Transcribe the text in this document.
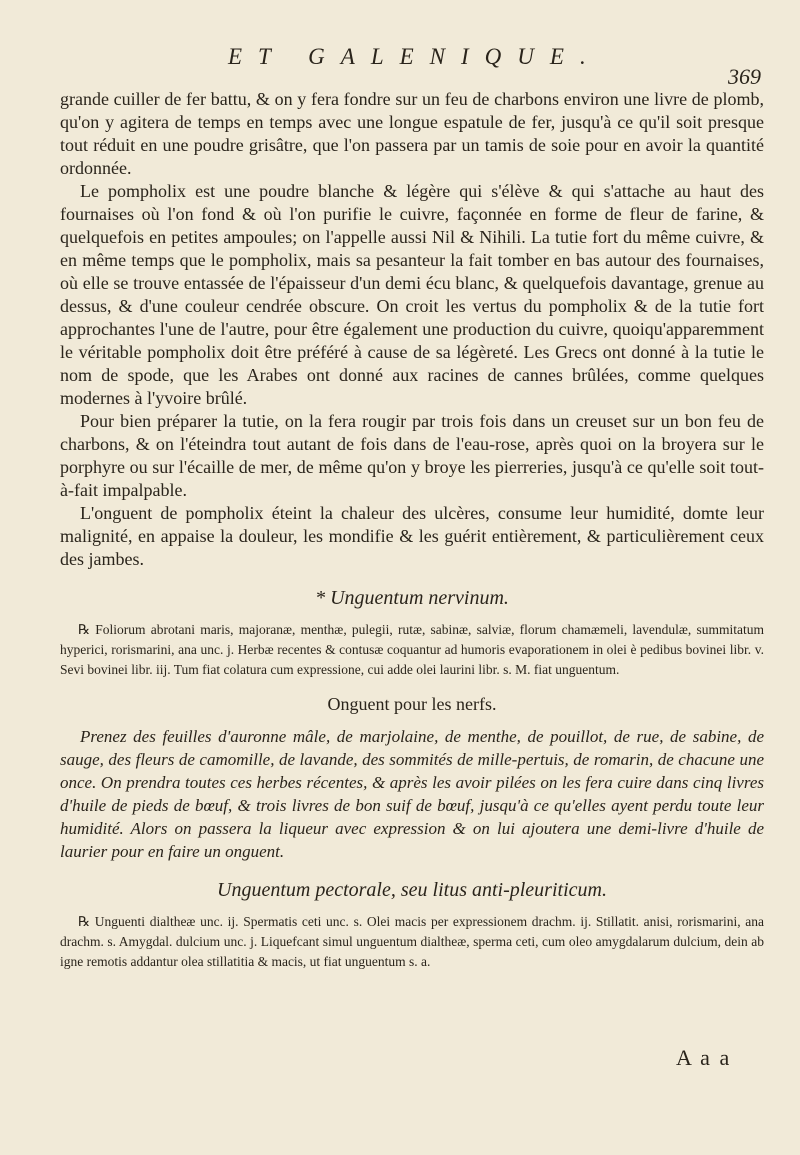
ET GALENIQUE.
369

grande cuiller de fer battu, & on y fera fondre sur un feu de charbons environ une livre de plomb, qu'on y agitera de temps en temps avec une longue espatule de fer, jusqu'à ce qu'il soit presque tout réduit en une poudre grisâtre, que l'on passera par un tamis de soie pour en avoir la quantité ordonnée.

Le pompholix est une poudre blanche & légère qui s'élève & qui s'attache au haut des fournaises où l'on fond & où l'on purifie le cuivre, façonnée en forme de fleur de farine, & quelquefois en petites ampoules; on l'appelle aussi Nil & Nihili. La tutie fort du même cuivre, & en même temps que le pompholix, mais sa pesanteur la fait tomber en bas autour des fournaises, où elle se trouve entassée de l'épaisseur d'un demi écu blanc, & quelquefois davantage, grenue au dessus, & d'une couleur cendrée obscure. On croit les vertus du pompholix & de la tutie fort approchantes l'une de l'autre, pour être également une production du cuivre, quoiqu'apparemment le véritable pompholix doit être préféré à cause de sa légèreté. Les Grecs ont donné à la tutie le nom de spode, que les Arabes ont donné aux racines de cannes brûlées, comme quelques modernes à l'yvoire brûlé.

Pour bien préparer la tutie, on la fera rougir par trois fois dans un creuset sur un bon feu de charbons, & on l'éteindra tout autant de fois dans de l'eau-rose, après quoi on la broyera sur le porphyre ou sur l'écaille de mer, de même qu'on y broye les pierreries, jusqu'à ce qu'elle soit tout-à-fait impalpable.

L'onguent de pompholix éteint la chaleur des ulcères, consume leur humidité, domte leur malignité, en appaise la douleur, les mondifie & les guérit entièrement, & particulièrement ceux des jambes.

* Unguentum nervinum.

℞ Foliorum abrotani maris, majoranæ, menthæ, pulegii, rutæ, sabinæ, salviæ, florum chamæmeli, lavendulæ, summitatum hyperici, rorismarini, ana unc. j. Herbæ recentes & contusæ coquantur ad humoris evaporationem in olei è pedibus bovinei libr. v. Sevi bovinei libr. iij. Tum fiat colatura cum expressione, cui adde olei laurini libr. s. M. fiat unguentum.

Onguent pour les nerfs.

Prenez des feuilles d'auronne mâle, de marjolaine, de menthe, de pouillot, de rue, de sabine, de sauge, des fleurs de camomille, de lavande, des sommités de mille-pertuis, de romarin, de chacune une once. On prendra toutes ces herbes récentes, & après les avoir pilées on les fera cuire dans cinq livres d'huile de pieds de bœuf, & trois livres de bon suif de bœuf, jusqu'à ce qu'elles ayent perdu toute leur humidité. Alors on passera la liqueur avec expression & on lui ajoutera une demi-livre d'huile de laurier pour en faire un onguent.

Unguentum pectorale, seu litus anti-pleuriticum.

℞ Unguenti dialtheæ unc. ij. Spermatis ceti unc. s. Olei macis per expressionem drachm. ij. Stillatit. anisi, rorismarini, ana drachm. s. Amygdal. dulcium unc. j. Liquefcant simul unguentum dialtheæ, sperma ceti, cum oleo amygdalarum dulcium, dein ab igne remotis addantur olea stillatitia & macis, ut fiat unguentum s. a.

A a a
